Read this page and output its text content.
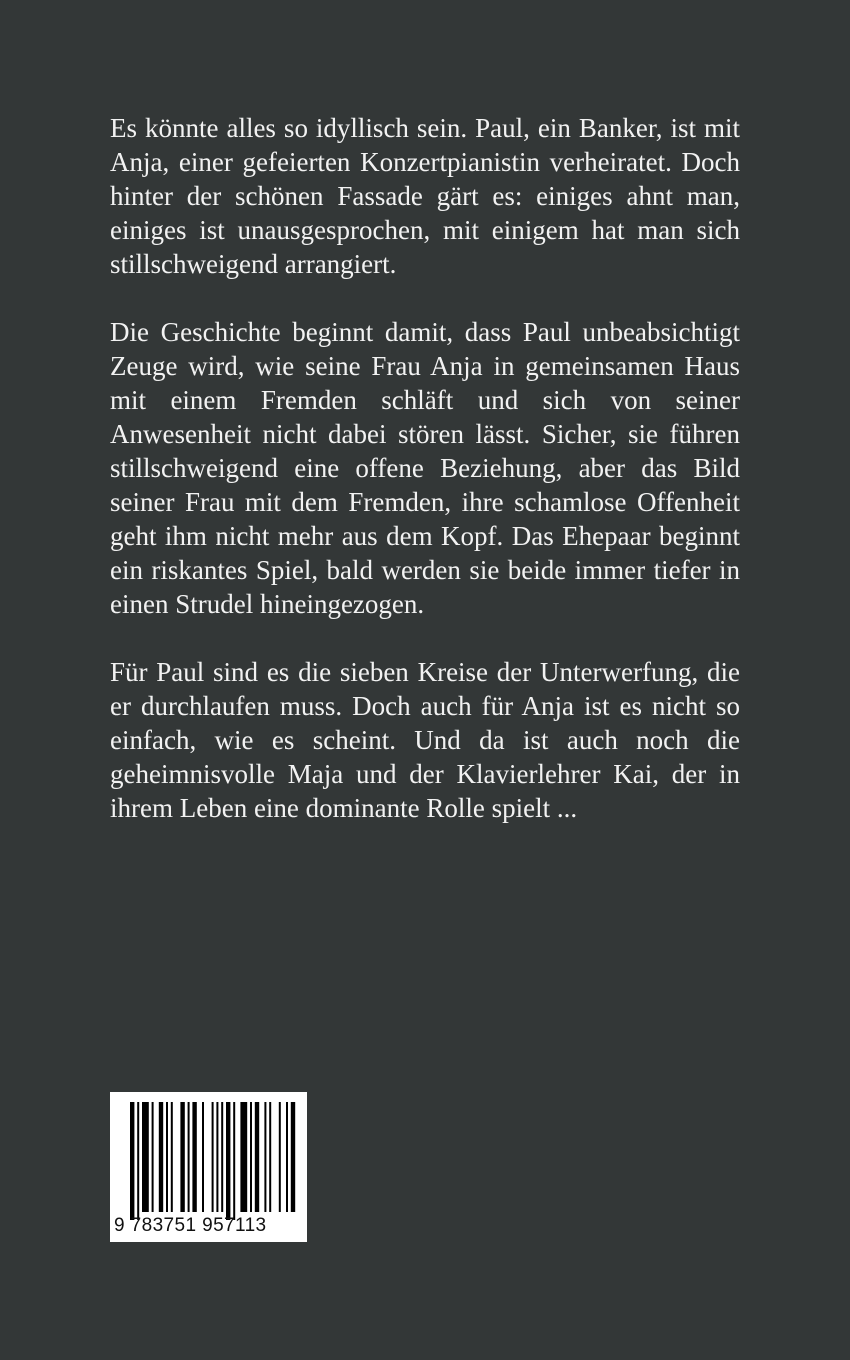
Es könnte alles so idyllisch sein. Paul, ein Banker, ist mit Anja, einer gefeierten Konzertpianistin verheiratet. Doch hinter der schönen Fassade gärt es: einiges ahnt man, einiges ist unausgesprochen, mit einigem hat man sich stillschweigend arrangiert.

Die Geschichte beginnt damit, dass Paul unbeabsichtigt Zeuge wird, wie seine Frau Anja in gemeinsamen Haus mit einem Fremden schläft und sich von seiner Anwesenheit nicht dabei stören lässt. Sicher, sie führen stillschweigend eine offene Beziehung, aber das Bild seiner Frau mit dem Fremden, ihre schamlose Offenheit geht ihm nicht mehr aus dem Kopf. Das Ehepaar beginnt ein riskantes Spiel, bald werden sie beide immer tiefer in einen Strudel hineingezogen.

Für Paul sind es die sieben Kreise der Unterwerfung, die er durchlaufen muss. Doch auch für Anja ist es nicht so einfach, wie es scheint. Und da ist auch noch die geheimnisvolle Maja und der Klavierlehrer Kai, der in ihrem Leben eine dominante Rolle spielt ...

9 783751 957113
